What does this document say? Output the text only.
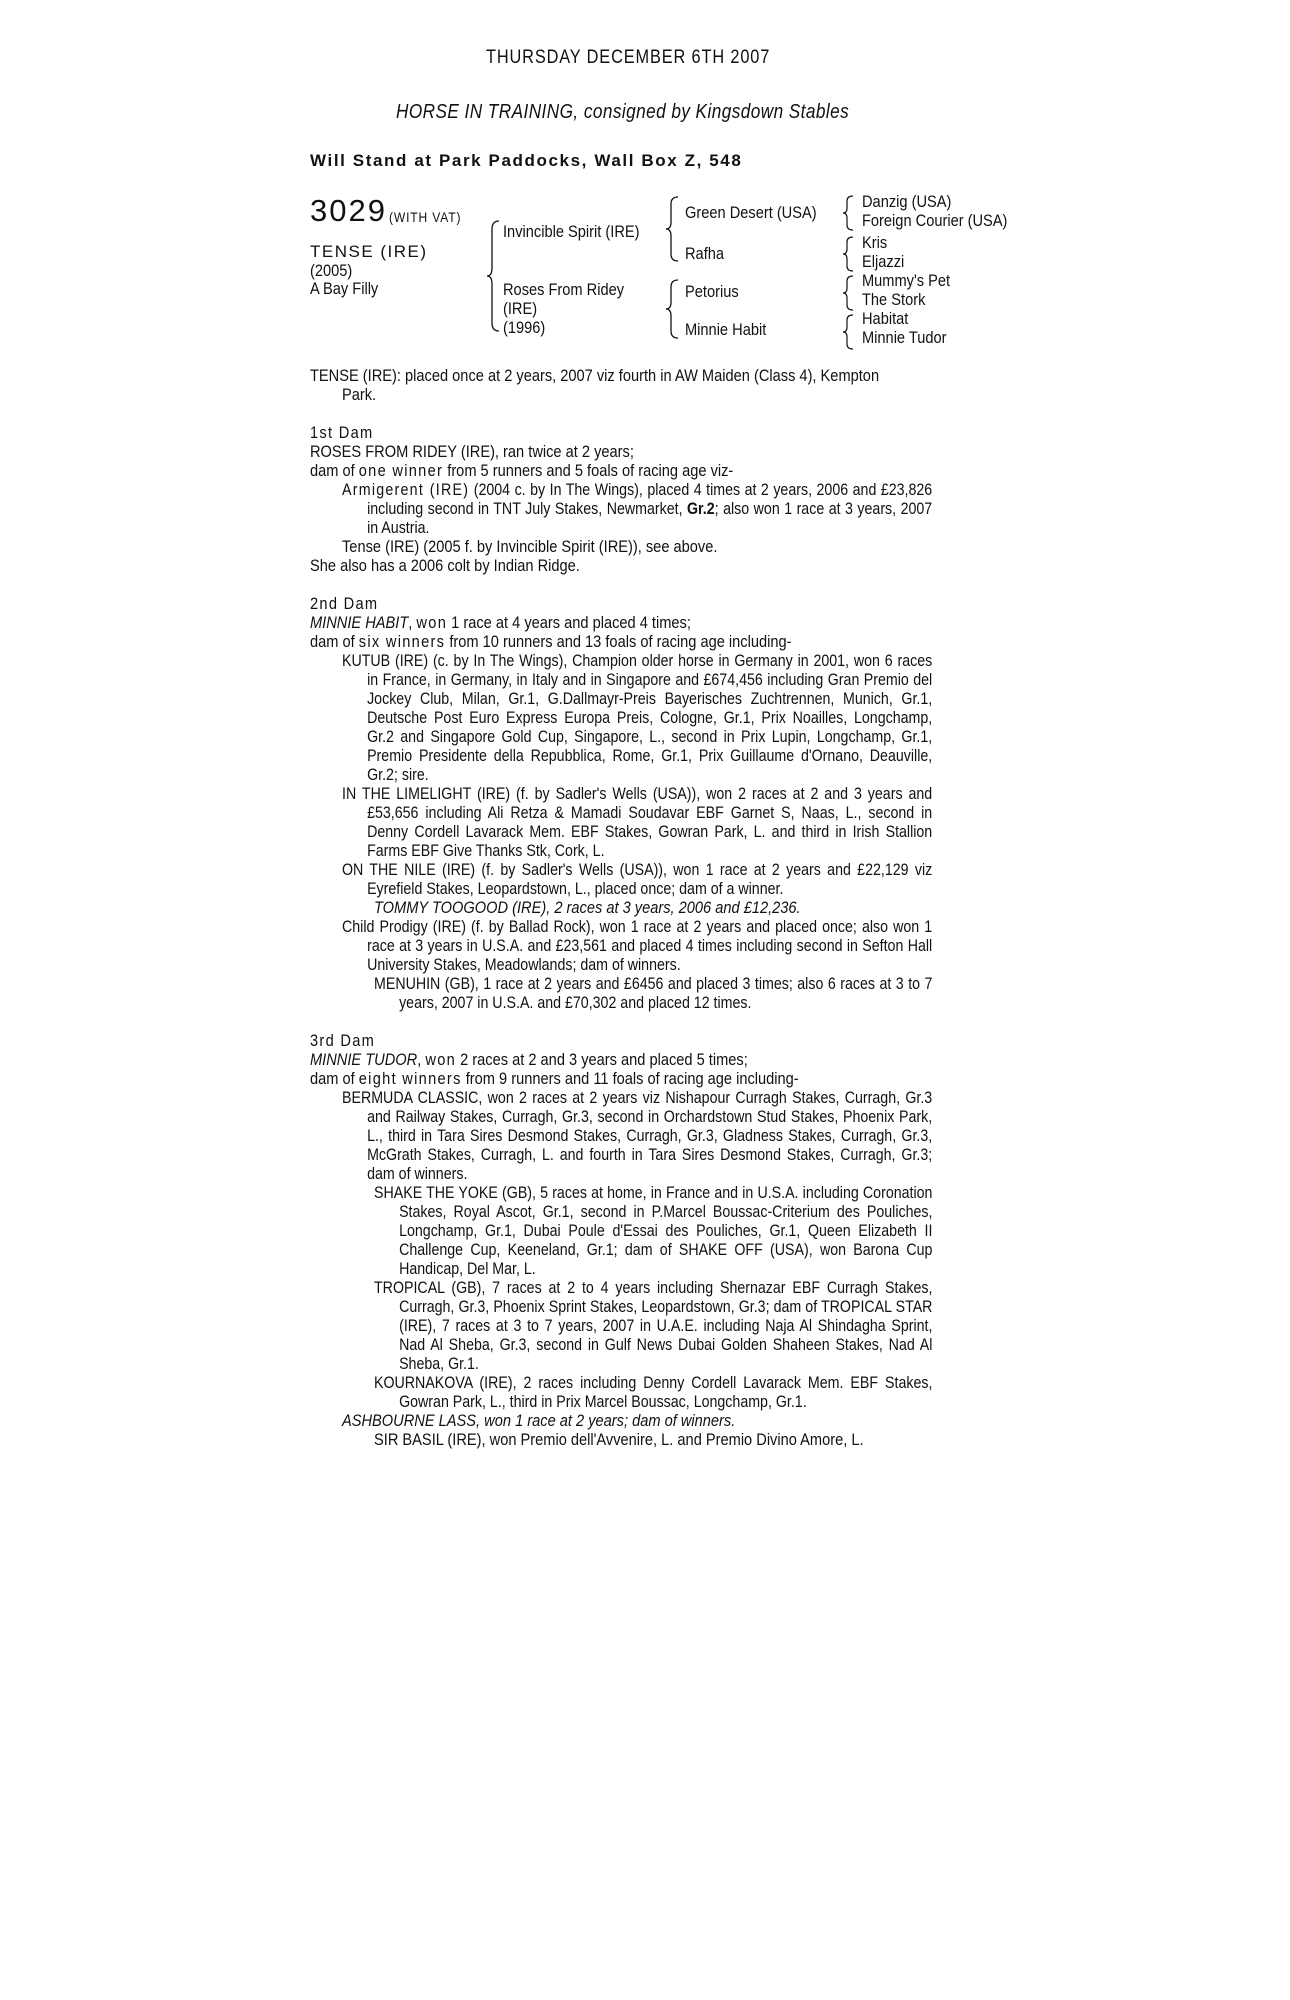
THURSDAY DECEMBER 6TH 2007
HORSE IN TRAINING, consigned by Kingsdown Stables
Will Stand at Park Paddocks, Wall Box Z, 548
3029 (WITH VAT)
TENSE (IRE)
(2005)
A Bay Filly
Invincible Spirit (IRE)
Roses From Ridey
(IRE)
(1996)
Green Desert (USA)
Rafha
Petorius
Minnie Habit
Danzig (USA)
Foreign Courier (USA)
Kris
Eljazzi
Mummy's Pet
The Stork
Habitat
Minnie Tudor
TENSE (IRE): placed once at 2 years, 2007 viz fourth in AW Maiden (Class 4), Kempton
Park.
1st Dam
ROSES FROM RIDEY (IRE), ran twice at 2 years;
dam of one winner from 5 runners and 5 foals of racing age viz-
Armigerent (IRE) (2004 c. by In The Wings), placed 4 times at 2 years, 2006 and £23,826 including second in TNT July Stakes, Newmarket, Gr.2; also won 1 race at 3 years, 2007 in Austria.
Tense (IRE) (2005 f. by Invincible Spirit (IRE)), see above.
She also has a 2006 colt by Indian Ridge.
2nd Dam
MINNIE HABIT, won 1 race at 4 years and placed 4 times;
dam of six winners from 10 runners and 13 foals of racing age including-
KUTUB (IRE) (c. by In The Wings), Champion older horse in Germany in 2001, won 6 races in France, in Germany, in Italy and in Singapore and £674,456 including Gran Premio del Jockey Club, Milan, Gr.1, G.Dallmayr-Preis Bayerisches Zuchtrennen, Munich, Gr.1, Deutsche Post Euro Express Europa Preis, Cologne, Gr.1, Prix Noailles, Longchamp, Gr.2 and Singapore Gold Cup, Singapore, L., second in Prix Lupin, Longchamp, Gr.1, Premio Presidente della Repubblica, Rome, Gr.1, Prix Guillaume d'Ornano, Deauville, Gr.2; sire.
IN THE LIMELIGHT (IRE) (f. by Sadler's Wells (USA)), won 2 races at 2 and 3 years and £53,656 including Ali Retza & Mamadi Soudavar EBF Garnet S, Naas, L., second in Denny Cordell Lavarack Mem. EBF Stakes, Gowran Park, L. and third in Irish Stallion Farms EBF Give Thanks Stk, Cork, L.
ON THE NILE (IRE) (f. by Sadler's Wells (USA)), won 1 race at 2 years and £22,129 viz Eyrefield Stakes, Leopardstown, L., placed once; dam of a winner.
TOMMY TOOGOOD (IRE), 2 races at 3 years, 2006 and £12,236.
Child Prodigy (IRE) (f. by Ballad Rock), won 1 race at 2 years and placed once; also won 1 race at 3 years in U.S.A. and £23,561 and placed 4 times including second in Sefton Hall University Stakes, Meadowlands; dam of winners.
MENUHIN (GB), 1 race at 2 years and £6456 and placed 3 times; also 6 races at 3 to 7 years, 2007 in U.S.A. and £70,302 and placed 12 times.
3rd Dam
MINNIE TUDOR, won 2 races at 2 and 3 years and placed 5 times;
dam of eight winners from 9 runners and 11 foals of racing age including-
BERMUDA CLASSIC, won 2 races at 2 years viz Nishapour Curragh Stakes, Curragh, Gr.3 and Railway Stakes, Curragh, Gr.3, second in Orchardstown Stud Stakes, Phoenix Park, L., third in Tara Sires Desmond Stakes, Curragh, Gr.3, Gladness Stakes, Curragh, Gr.3, McGrath Stakes, Curragh, L. and fourth in Tara Sires Desmond Stakes, Curragh, Gr.3; dam of winners.
SHAKE THE YOKE (GB), 5 races at home, in France and in U.S.A. including Coronation Stakes, Royal Ascot, Gr.1, second in P.Marcel Boussac-Criterium des Pouliches, Longchamp, Gr.1, Dubai Poule d'Essai des Pouliches, Gr.1, Queen Elizabeth II Challenge Cup, Keeneland, Gr.1; dam of SHAKE OFF (USA), won Barona Cup Handicap, Del Mar, L.
TROPICAL (GB), 7 races at 2 to 4 years including Shernazar EBF Curragh Stakes, Curragh, Gr.3, Phoenix Sprint Stakes, Leopardstown, Gr.3; dam of TROPICAL STAR (IRE), 7 races at 3 to 7 years, 2007 in U.A.E. including Naja Al Shindagha Sprint, Nad Al Sheba, Gr.3, second in Gulf News Dubai Golden Shaheen Stakes, Nad Al Sheba, Gr.1.
KOURNAKOVA (IRE), 2 races including Denny Cordell Lavarack Mem. EBF Stakes, Gowran Park, L., third in Prix Marcel Boussac, Longchamp, Gr.1.
ASHBOURNE LASS, won 1 race at 2 years; dam of winners.
SIR BASIL (IRE), won Premio dell'Avvenire, L. and Premio Divino Amore, L.
